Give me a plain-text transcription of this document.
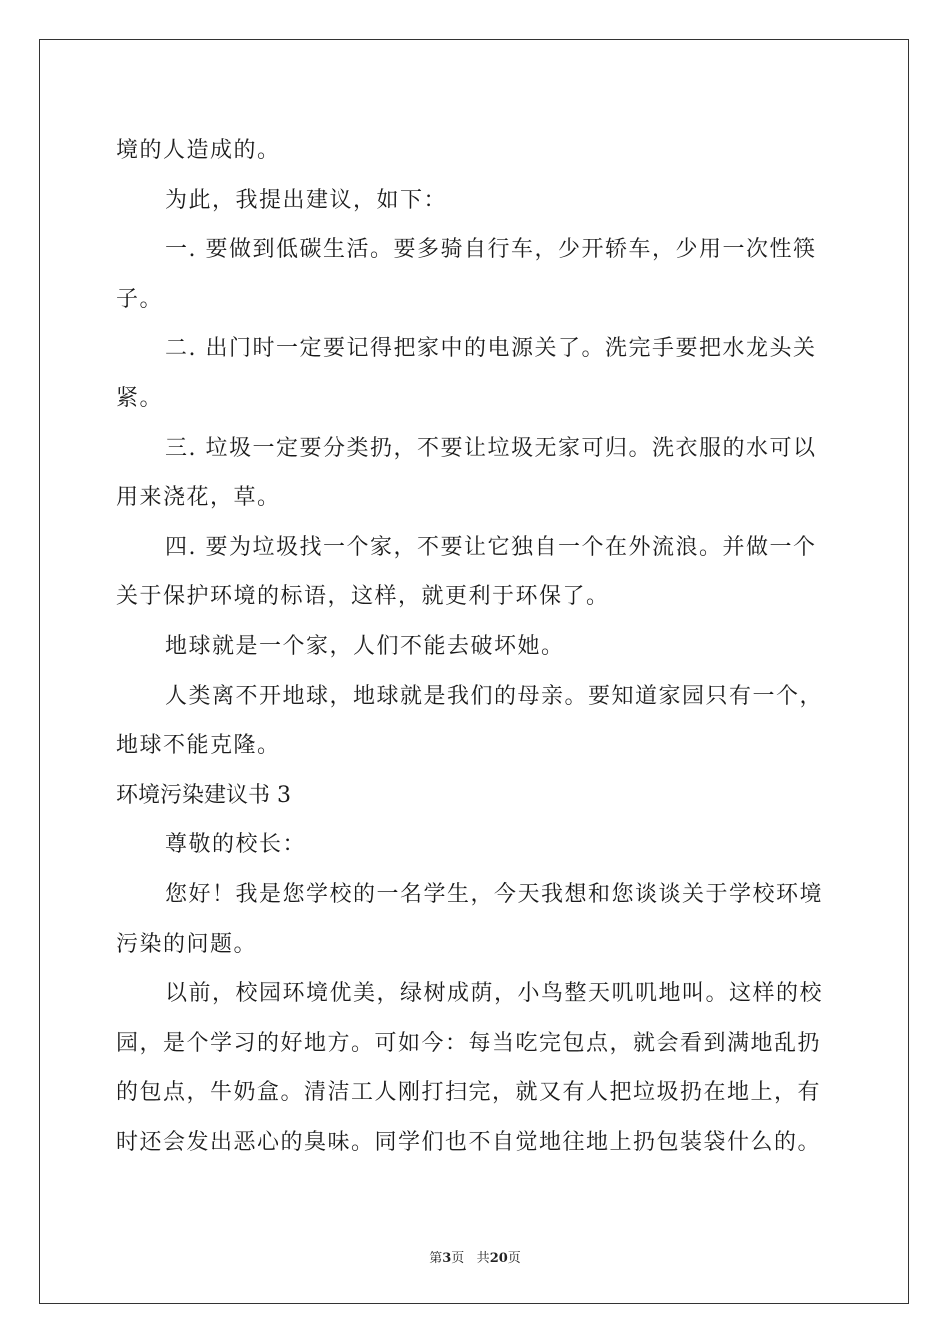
境的人造成的。
为此，我提出建议，如下：
一. 要做到低碳生活。要多骑自行车，少开轿车，少用一次性筷
子。
二. 出门时一定要记得把家中的电源关了。洗完手要把水龙头关
紧。
三. 垃圾一定要分类扔，不要让垃圾无家可归。洗衣服的水可以
用来浇花，草。
四. 要为垃圾找一个家，不要让它独自一个在外流浪。并做一个
关于保护环境的标语，这样，就更利于环保了。
地球就是一个家，人们不能去破坏她。
人类离不开地球，地球就是我们的母亲。要知道家园只有一个，
地球不能克隆。
环境污染建议书 3
尊敬的校长：
您好！我是您学校的一名学生，今天我想和您谈谈关于学校环境
污染的问题。
以前，校园环境优美，绿树成荫，小鸟整天叽叽地叫。这样的校
园，是个学习的好地方。可如今：每当吃完包点，就会看到满地乱扔
的包点，牛奶盒。清洁工人刚打扫完，就又有人把垃圾扔在地上，有
时还会发出恶心的臭味。同学们也不自觉地往地上扔包装袋什么的。
第3页 共20页
